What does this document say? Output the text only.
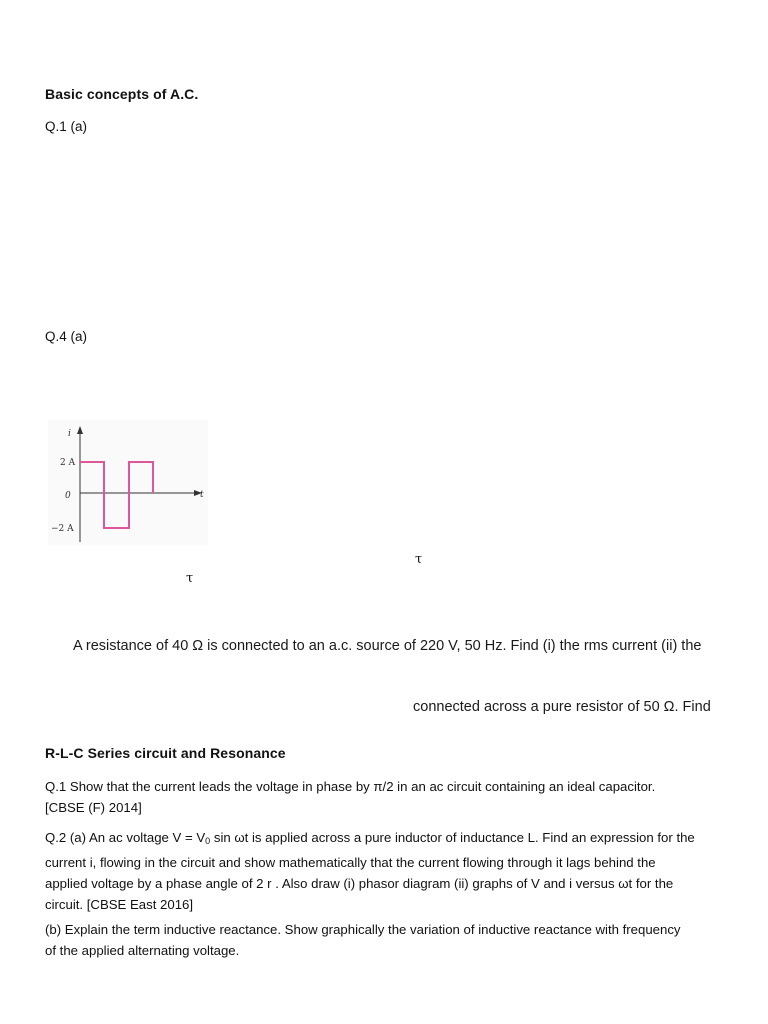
Basic concepts of A.C.
Q.1 (a)
Q.4 (a)
i
t
2 A
0
−2 A
τ
τ
A resistance of 40 Ω is connected to an a.c. source of 220 V, 50 Hz. Find (i) the rms current (ii) the
connected across a pure resistor of 50 Ω. Find
R-L-C Series circuit and Resonance
Q.1 Show that the current leads the voltage in phase by π/2 in an ac circuit containing an ideal capacitor.
[CBSE (F) 2014]
Q.2 (a) An ac voltage $V = V_0$ sin ωt is applied across a pure inductor of inductance L. Find an expression for the
current i, flowing in the circuit and show mathematically that the current flowing through it lags behind the
applied voltage by a phase angle of 2 r . Also draw (i) phasor diagram (ii) graphs of V and i versus ωt for the
circuit. [CBSE East 2016]
(b) Explain the term inductive reactance. Show graphically the variation of inductive reactance with frequency
of the applied alternating voltage.
